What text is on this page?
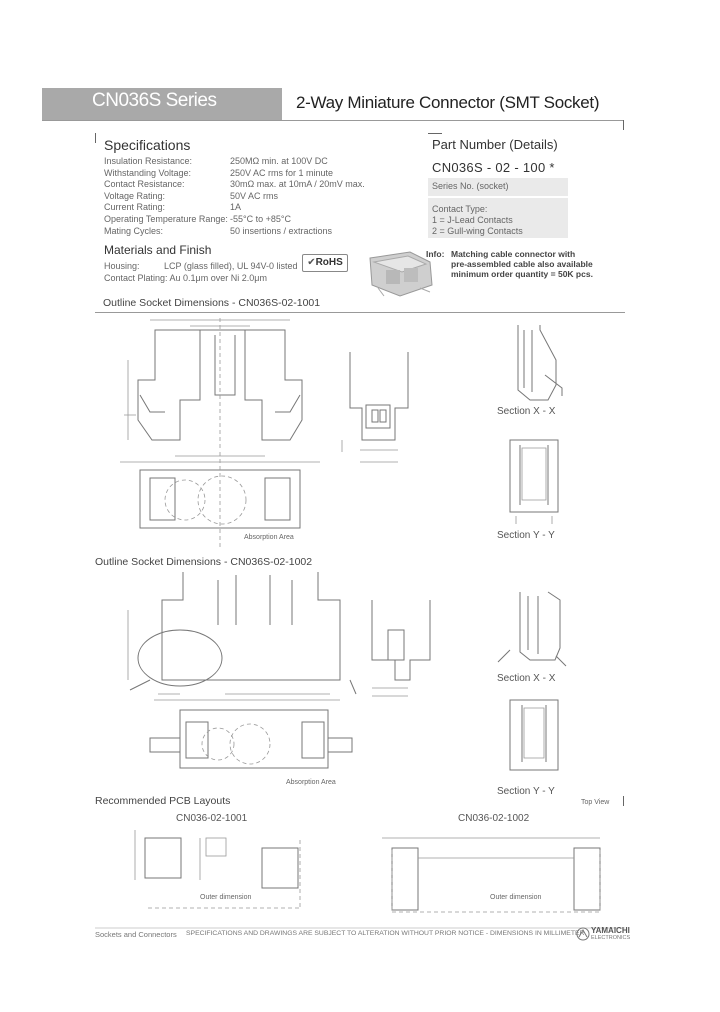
CN036S Series	2-Way Miniature Connector (SMT Socket)
Specifications
Insulation Resistance:	250MΩ min. at 100V DC
Withstanding Voltage:	250V AC rms for 1 minute
Contact Resistance:	30mΩ max. at 10mA / 20mV max.
Voltage Rating:	50V AC rms
Current Rating:	1A
Operating Temperature Range: -55°C to +85°C
Mating Cycles:	50 insertions / extractions
Materials and Finish
Housing:	LCP (glass filled), UL 94V-0 listed
Contact Plating: Au 0.1μm over Ni 2.0μm
✔RoHS
Part Number (Details)
CN036S - 02 - 100 *
Series No. (socket)
Contact Type:
1 = J-Lead Contacts
2 = Gull-wing Contacts
Info: Matching cable connector with
pre-assembled cable also available
minimum order quantity = 50K pcs.
Outline Socket Dimensions - CN036S-02-1001
Section X - X
Section Y - Y
Absorption Area
Outline Socket Dimensions - CN036S-02-1002
Section X - X
Section Y - Y
Absorption Area
Recommended PCB Layouts	Top View
CN036-02-1001	CN036-02-1002
Outer dimension	Outer dimension
Sockets and Connectors SPECIFICATIONS AND DRAWINGS ARE SUBJECT TO ALTERATION WITHOUT PRIOR NOTICE - DIMENSIONS IN MILLIMETER YAMAICHI
ELECTRONICS
